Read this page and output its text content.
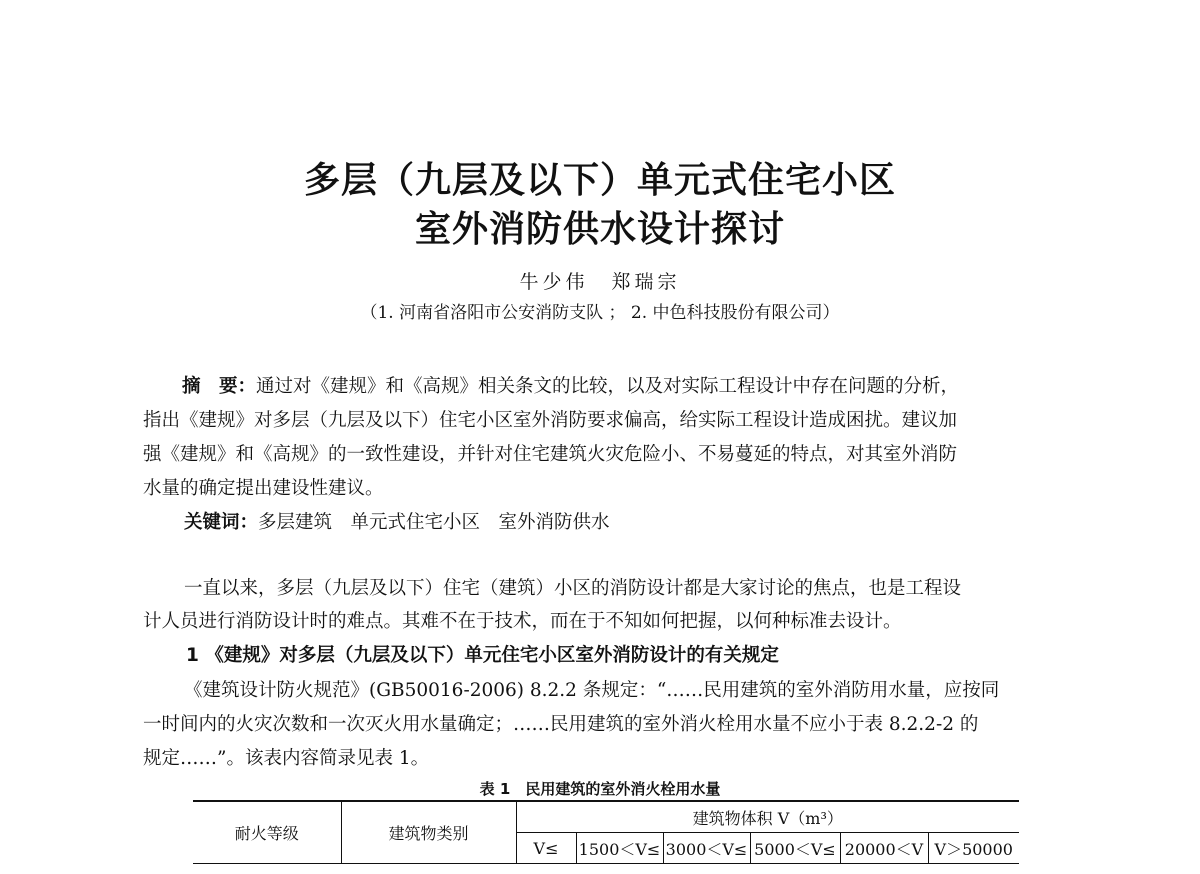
多层（九层及以下）单元式住宅小区
室外消防供水设计探讨
牛少伟　郑瑞宗
（1. 河南省洛阳市公安消防支队 ； 2. 中色科技股份有限公司）
摘　要：通过对《建规》和《高规》相关条文的比较，以及对实际工程设计中存在问题的分析，
指出《建规》对多层（九层及以下）住宅小区室外消防要求偏高，给实际工程设计造成困扰。建议加
强《建规》和《高规》的一致性建设，并针对住宅建筑火灾危险小、不易蔓延的特点，对其室外消防
水量的确定提出建设性建议。
关键词：多层建筑　单元式住宅小区　室外消防供水
一直以来，多层（九层及以下）住宅（建筑）小区的消防设计都是大家讨论的焦点，也是工程设
计人员进行消防设计时的难点。其难不在于技术，而在于不知如何把握，以何种标准去设计。
1 《建规》对多层（九层及以下）单元住宅小区室外消防设计的有关规定
《建筑设计防火规范》(GB50016-2006) 8.2.2 条规定：“……民用建筑的室外消防用水量，应按同
一时间内的火灾次数和一次灭火用水量确定；……民用建筑的室外消火栓用水量不应小于表 8.2.2-2 的
规定……”。该表内容简录见表 1。
表 1　民用建筑的室外消火栓用水量
耐火等级	建筑物类别	建筑物体积 V（m³）					
		V≤	1500＜V≤	3000＜V≤	5000＜V≤	20000＜V	V＞50000
